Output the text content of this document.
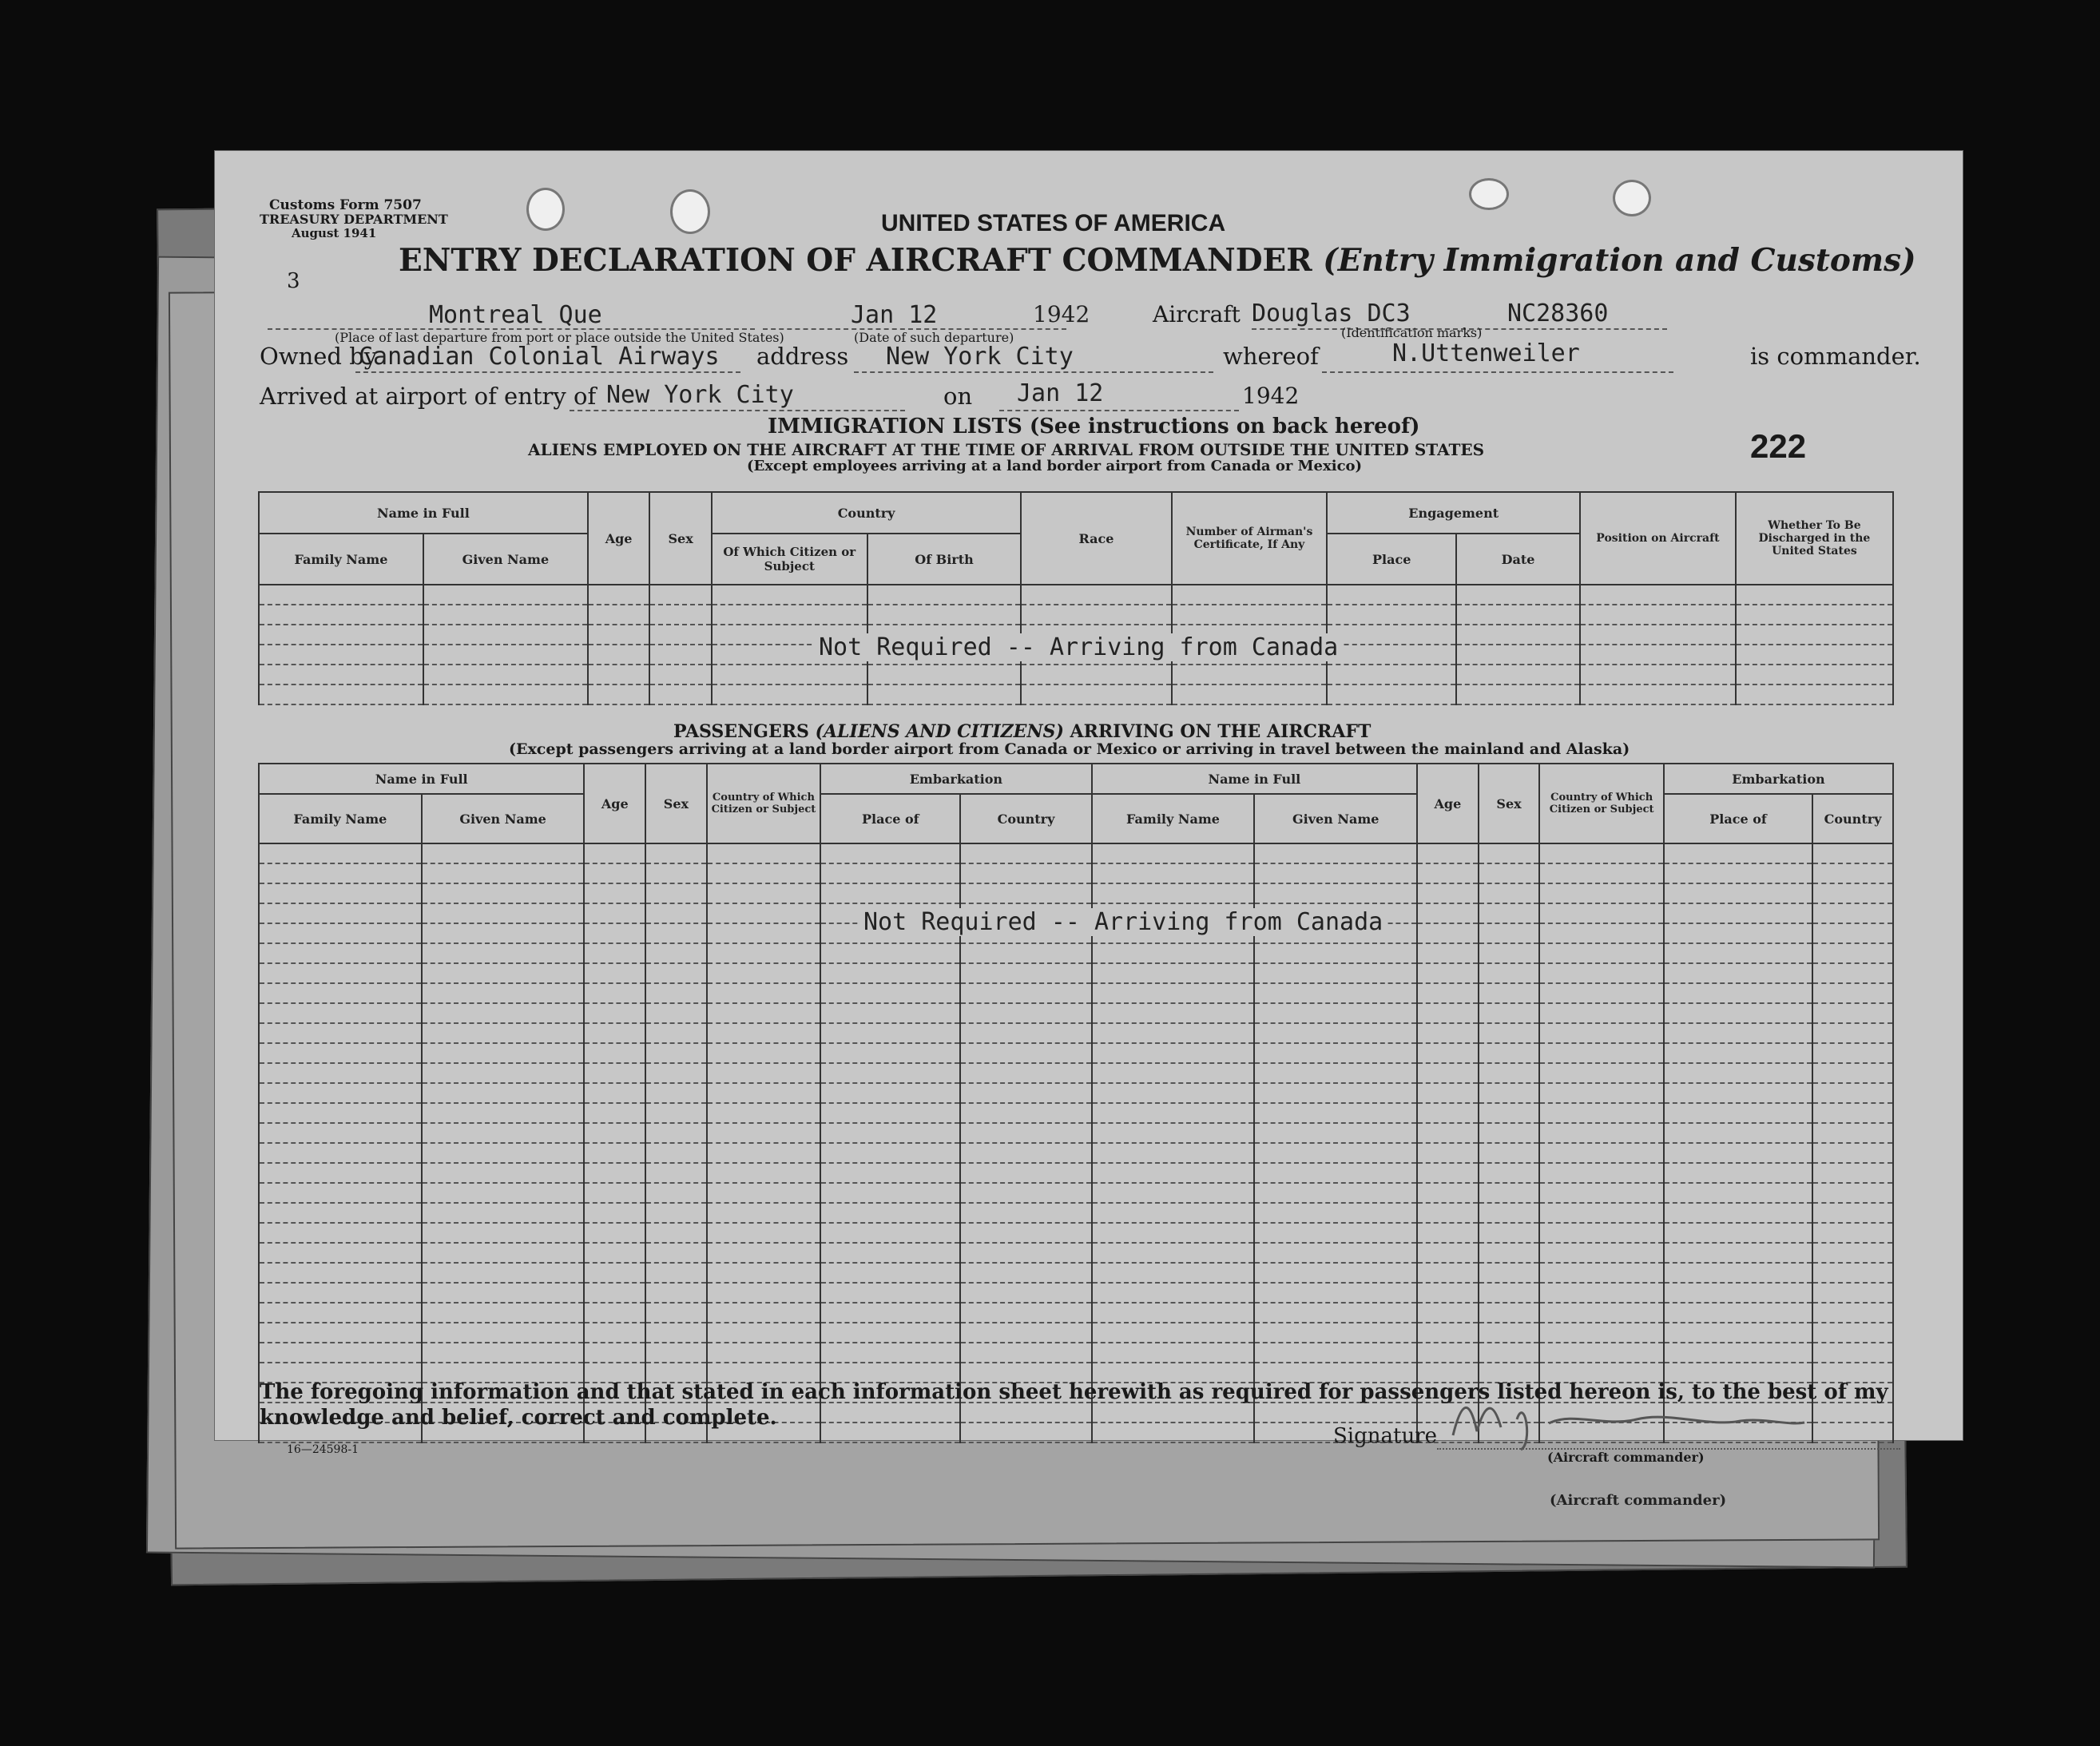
(Aircraft commander)
Customs Form 7507
TREASURY DEPARTMENT
August 1941
3
UNITED STATES OF AMERICA
ENTRY DECLARATION OF AIRCRAFT COMMANDER (Entry Immigration and Customs)
Montreal Que
(Place of last departure from port or place outside the United States)
Jan 12
(Date of such departure)
1942	Aircraft Douglas DC3	NC28360
(Identification marks)
Owned by
Canadian Colonial Airways address New York City	whereof	N.Uttenweiler	is commander.
Arrived at airport of entry of New York City	on Jan 12	1942
IMMIGRATION LISTS (See instructions on back hereof)
ALIENS EMPLOYED ON THE AIRCRAFT AT THE TIME OF ARRIVAL FROM OUTSIDE THE UNITED STATES
(Except employees arriving at a land border airport from Canada or Mexico)
222
Name in Full		Age	Sex	Country		Race	Number of Airman's Certificate, If Any	Engagement		Position on Aircraft	Whether To Be Discharged in the United States
Family Name	Given Name			Of Which Citizen or Subject	Of Birth			Place	Date		

Not Required -- Arriving from Canada
PASSENGERS (ALIENS AND CITIZENS) ARRIVING ON THE AIRCRAFT
(Except passengers arriving at a land border airport from Canada or Mexico or arriving in travel between the mainland and Alaska)
Name in Full		Age	Sex	Country of Which Citizen or Subject	Embarkation		Name in Full		Age	Sex	Country of Which Citizen or Subject	Embarkation	
Family Name	Given Name				Place of	Country	Family Name	Given Name				Place of	Country

Not Required -- Arriving from Canada
The foregoing information and that stated in each information sheet herewith as required for passengers listed hereon is, to the best of my knowledge and belief, correct and complete.
16—24598-1
Signature
(Aircraft commander)
